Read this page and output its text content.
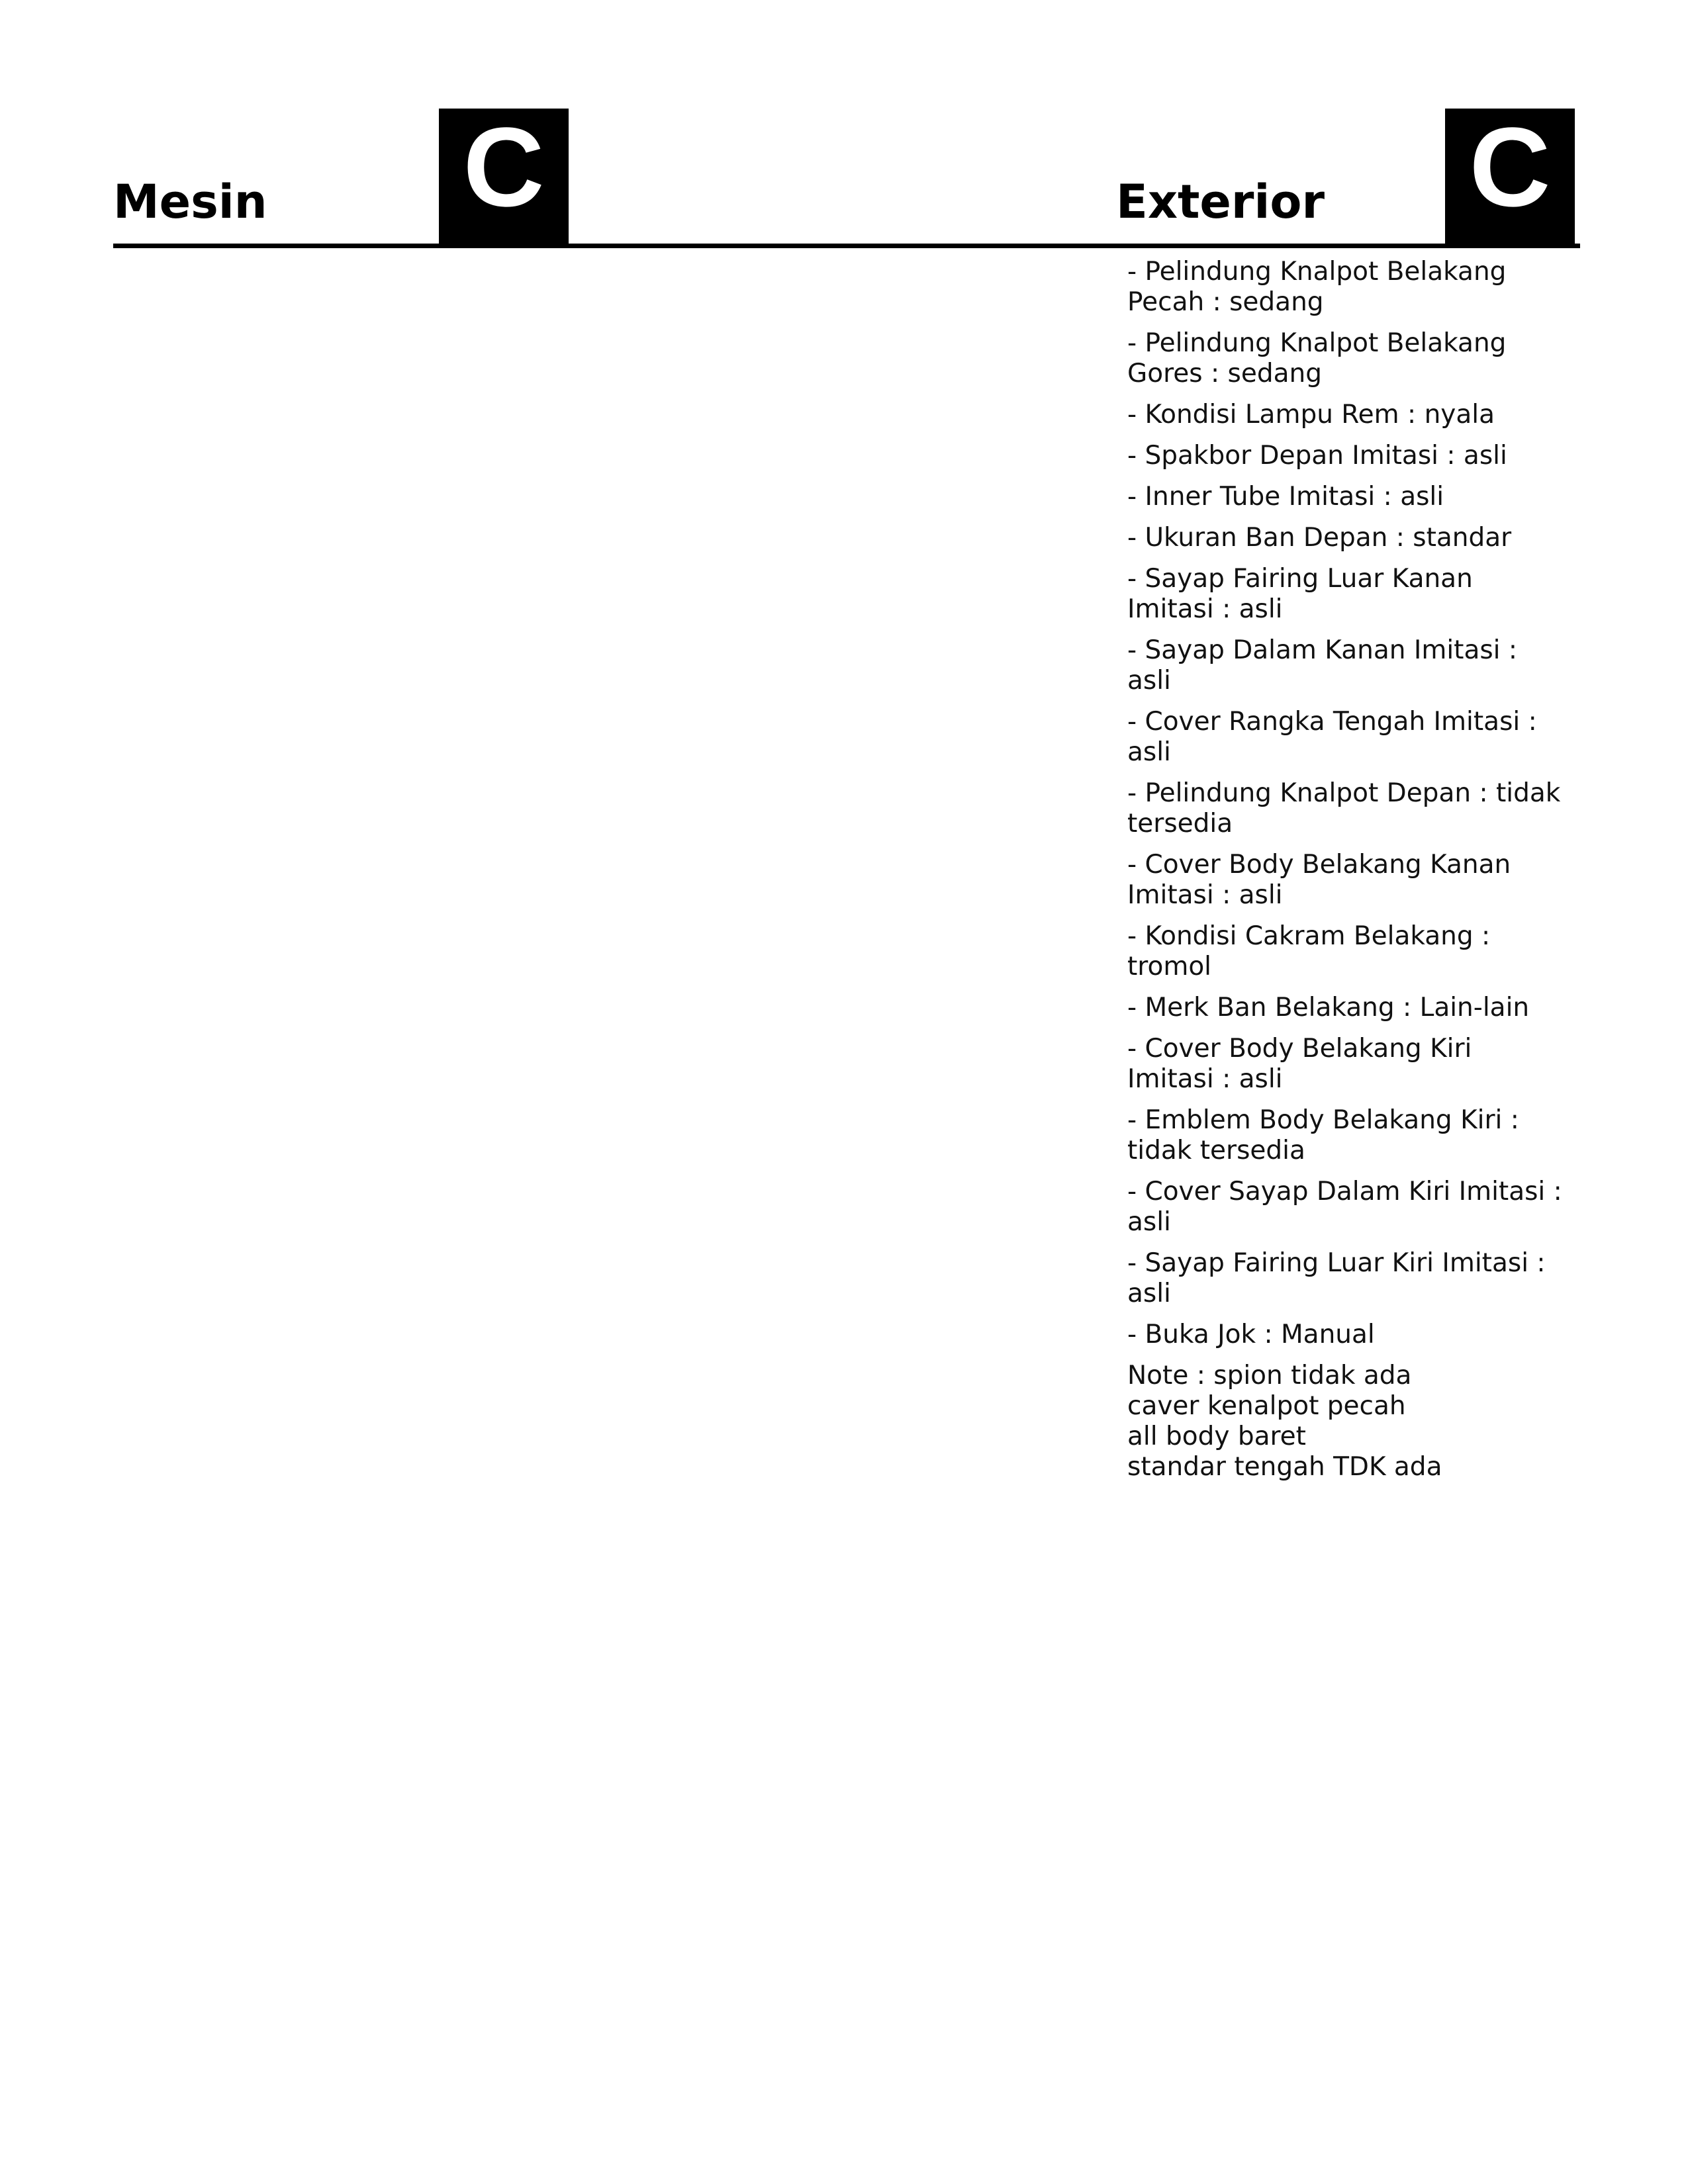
Mesin C	Exterior C
- Pelindung Knalpot Belakang Pecah : sedang
- Pelindung Knalpot Belakang Gores : sedang
- Kondisi Lampu Rem : nyala
- Spakbor Depan Imitasi : asli
- Inner Tube Imitasi : asli
- Ukuran Ban Depan : standar
- Sayap Fairing Luar Kanan Imitasi : asli
- Sayap Dalam Kanan Imitasi : asli
- Cover Rangka Tengah Imitasi : asli
- Pelindung Knalpot Depan : tidak tersedia
- Cover Body Belakang Kanan Imitasi : asli
- Kondisi Cakram Belakang : tromol
- Merk Ban Belakang : Lain-lain
- Cover Body Belakang Kiri Imitasi : asli
- Emblem Body Belakang Kiri : tidak tersedia
- Cover Sayap Dalam Kiri Imitasi : asli
- Sayap Fairing Luar Kiri Imitasi : asli
- Buka Jok : Manual
Note : spion tidak ada
caver kenalpot pecah
all body baret
standar tengah TDK ada
